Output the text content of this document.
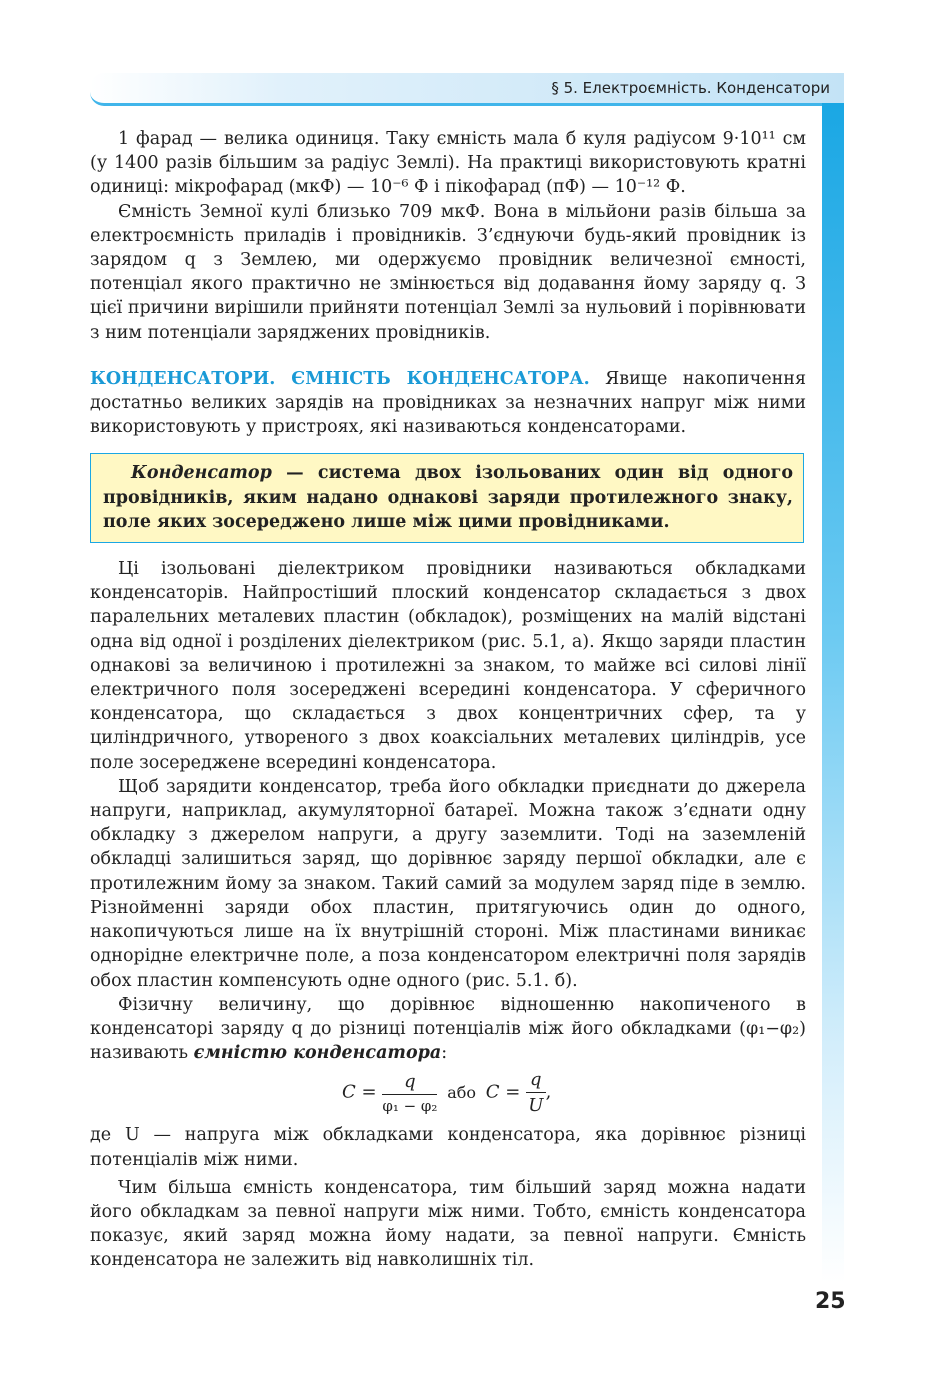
§ 5. Електроємність. Конденсатори

1 фарад — велика одиниця. Таку ємність мала б куля радіусом 9·10¹¹ см (у 1400 разів більшим за радіус Землі). На практиці використовують кратні одиниці: мікрофарад (мкФ) — 10⁻⁶ Ф і пікофарад (пФ) — 10⁻¹² Ф.

Ємність Земної кулі близько 709 мкФ. Вона в мільйони разів більша за електроємність приладів і провідників. З’єднуючи будь-який провідник із зарядом q з Землею, ми одержуємо провідник величезної ємності, потенціал якого практично не змінюється від додавання йому заряду q. З цієї причини вирішили прийняти потенціал Землі за нульовий і порівнювати з ним потенціали заряджених провідників.

КОНДЕНСАТОРИ. ЄМНІСТЬ КОНДЕНСАТОРА. Явище накопичення достатньо великих зарядів на провідниках за незначних напруг між ними використовують у пристроях, які називаються конденсаторами.

Конденсатор — система двох ізольованих один від одного провідників, яким надано однакові заряди протилежного знаку, поле яких зосереджено лише між цими провідниками.

Ці ізольовані діелектриком провідники називаються обкладками конденсаторів. Найпростіший плоский конденсатор складається з двох паралельних металевих пластин (обкладок), розміщених на малій відстані одна від одної і розділених діелектриком (рис. 5.1, а). Якщо заряди пластин однакові за величиною і протилежні за знаком, то майже всі силові лінії електричного поля зосереджені всередині конденсатора. У сферичного конденсатора, що складається з двох концентричних сфер, та у циліндричного, утвореного з двох коаксіальних металевих циліндрів, усе поле зосереджене всередині конденсатора.

Щоб зарядити конденсатор, треба його обкладки приєднати до джерела напруги, наприклад, акумуляторної батареї. Можна також з’єднати одну обкладку з джерелом напруги, а другу заземлити. Тоді на заземленій обкладці залишиться заряд, що дорівнює заряду першої обкладки, але є протилежним йому за знаком. Такий самий за модулем заряд піде в землю. Різнойменні заряди обох пластин, притягуючись один до одного, накопичуються лише на їх внутрішній стороні. Між пластинами виникає однорідне електричне поле, а поза конденсатором електричні поля зарядів обох пластин компенсують одне одного (рис. 5.1. б).

Фізичну величину, що дорівнює відношенню накопиченого в конденсаторі заряду q до різниці потенціалів між його обкладками (φ₁−φ₂) називають ємністю конденсатора:

$C = \frac{q}{\text{φ₁ − φ₂}}$ або $C = \frac{q}{U}$ ,

де U — напруга між обкладками конденсатора, яка дорівнює різниці потенціалів між ними.

Чим більша ємність конденсатора, тим більший заряд можна надати його обкладкам за певної напруги між ними. Тобто, ємність конденсатора показує, який заряд можна йому надати, за певної напруги. Ємність конденсатора не залежить від навколишніх тіл.

25
